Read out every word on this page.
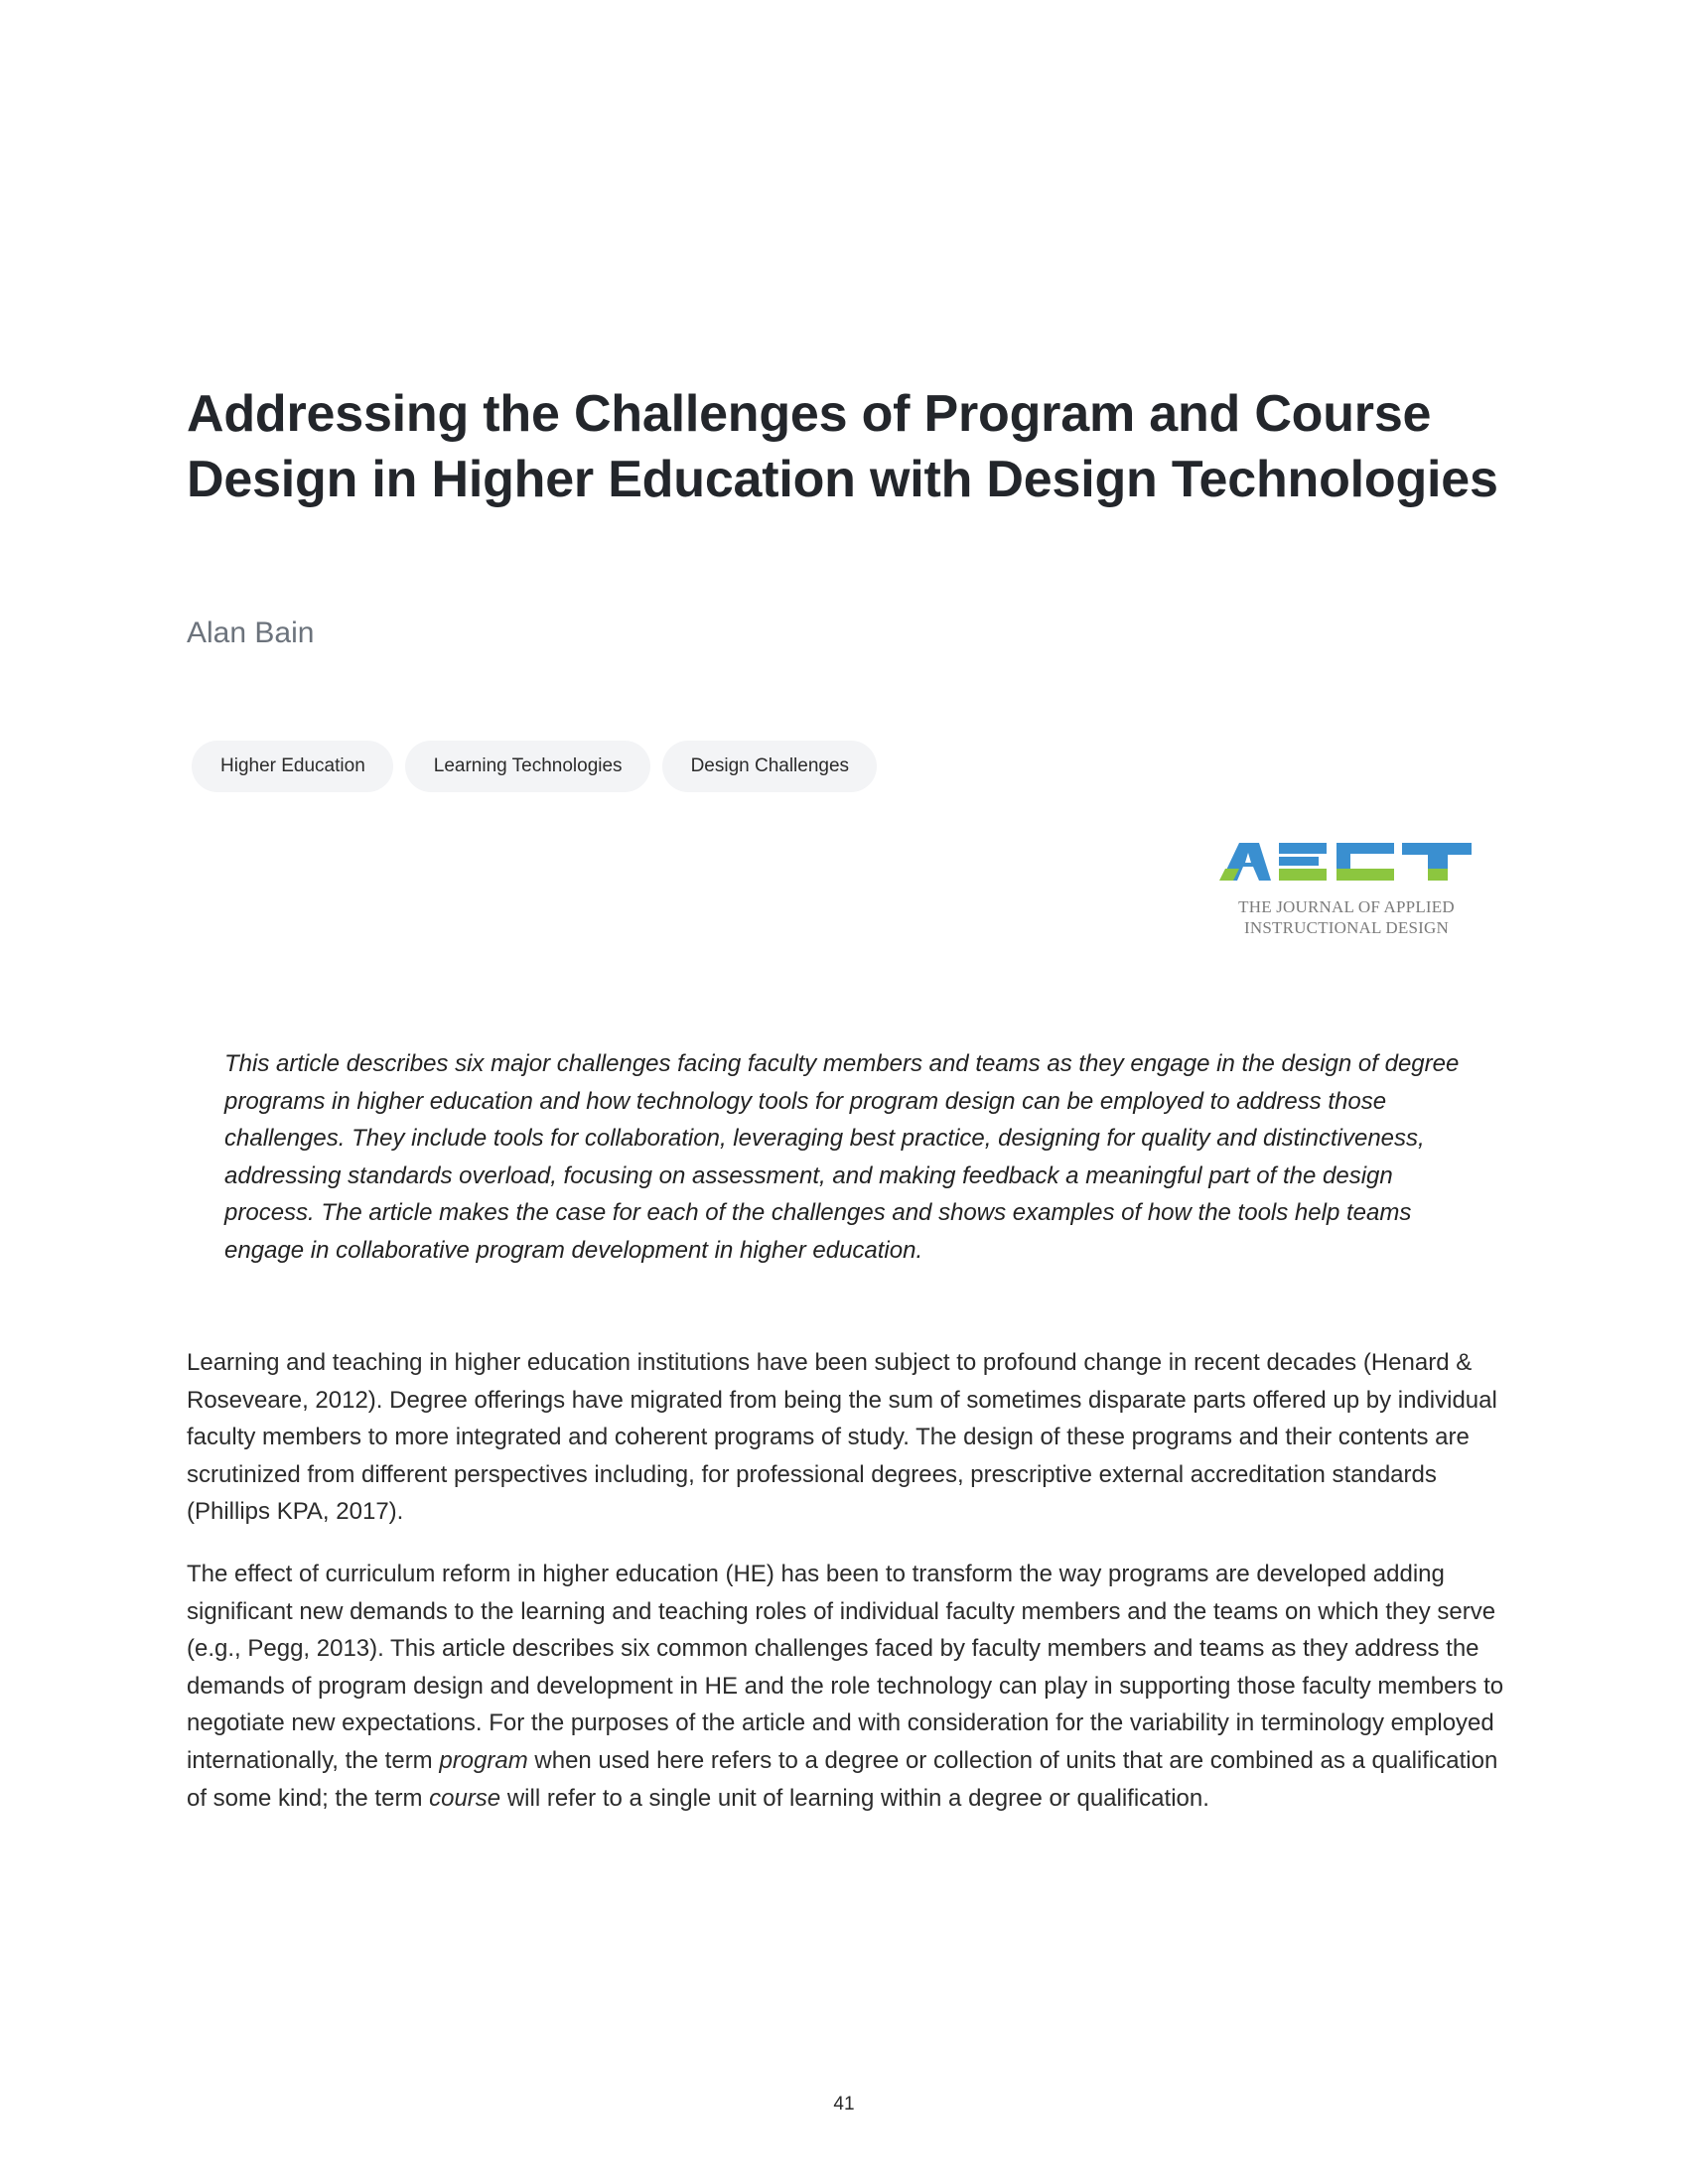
Addressing the Challenges of Program and Course Design in Higher Education with Design Technologies

Alan Bain

Higher Education	Learning Technologies	Design Challenges
THE JOURNAL OF APPLIED
INSTRUCTIONAL DESIGN

This article describes six major challenges facing faculty members and teams as they engage in the design of degree programs in higher education and how technology tools for program design can be employed to address those challenges. They include tools for collaboration, leveraging best practice, designing for quality and distinctiveness, addressing standards overload, focusing on assessment, and making feedback a meaningful part of the design process. The article makes the case for each of the challenges and shows examples of how the tools help teams engage in collaborative program development in higher education.

Learning and teaching in higher education institutions have been subject to profound change in recent decades (Henard & Roseveare, 2012). Degree offerings have migrated from being the sum of sometimes disparate parts offered up by individual faculty members to more integrated and coherent programs of study. The design of these programs and their contents are scrutinized from different perspectives including, for professional degrees, prescriptive external accreditation standards (Phillips KPA, 2017).

The effect of curriculum reform in higher education (HE) has been to transform the way programs are developed adding significant new demands to the learning and teaching roles of individual faculty members and the teams on which they serve (e.g., Pegg, 2013). This article describes six common challenges faced by faculty members and teams as they address the demands of program design and development in HE and the role technology can play in supporting those faculty members to negotiate new expectations. For the purposes of the article and with consideration for the variability in terminology employed internationally, the term program when used here refers to a degree or collection of units that are combined as a qualification of some kind; the term course will refer to a single unit of learning within a degree or qualification.

41
